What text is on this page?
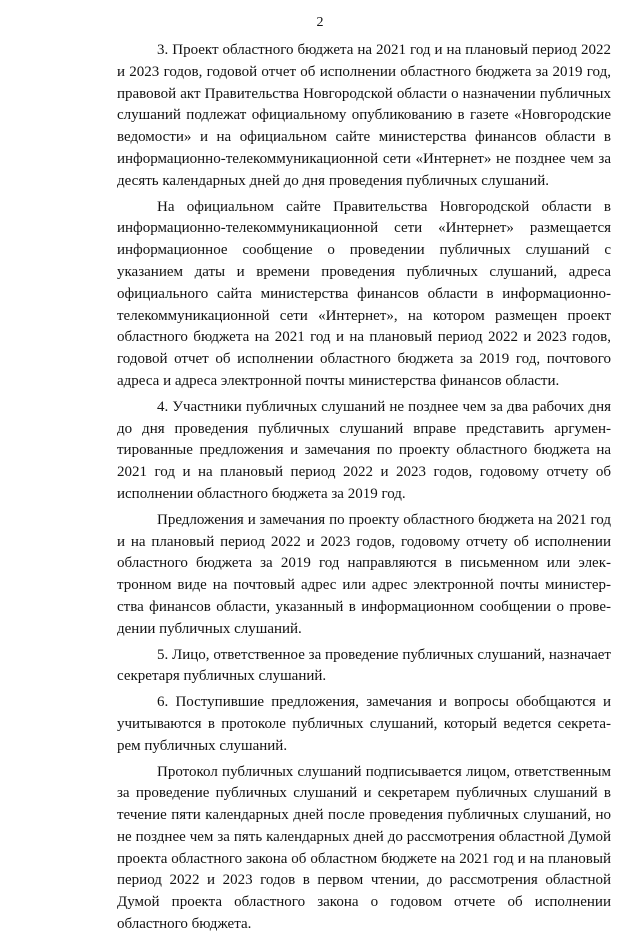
2

3. Проект областного бюджета на 2021 год и на плановый период 2022 и 2023 годов, годовой отчет об исполнении областного бюджета за 2019 год, правовой акт Правительства Новгородской области о назначении публичных слушаний подлежат официальному опубликованию в газете «Новгородские ведомости» и на официальном сайте министерства финансов области в информационно-телекоммуникационной сети «Интернет» не позднее чем за десять календарных дней до дня проведения публичных слушаний.

На официальном сайте Правительства Новгородской области в информационно-телекоммуникационной сети «Интернет» размещается информационное сообщение о проведении публичных слушаний с указанием даты и времени проведения публичных слушаний, адреса официального сайта министерства финансов области в информационно-телекоммуникационной сети «Интернет», на котором размещен проект областного бюджета на 2021 год и на плановый период 2022 и 2023 годов, годовой отчет об исполнении областного бюджета за 2019 год, почтового адреса и адреса электронной почты министерства финансов области.

4. Участники публичных слушаний не позднее чем за два рабочих дня до дня проведения публичных слушаний вправе представить аргументированные предложения и замечания по проекту областного бюджета на 2021 год и на плановый период 2022 и 2023 годов, годовому отчету об исполнении областного бюджета за 2019 год.

Предложения и замечания по проекту областного бюджета на 2021 год и на плановый период 2022 и 2023 годов, годовому отчету об исполнении областного бюджета за 2019 год направляются в письменном или электронном виде на почтовый адрес или адрес электронной почты министерства финансов области, указанный в информационном сообщении о проведении публичных слушаний.

5. Лицо, ответственное за проведение публичных слушаний, назначает секретаря публичных слушаний.

6. Поступившие предложения, замечания и вопросы обобщаются и учитываются в протоколе публичных слушаний, который ведется секретарем публичных слушаний.

Протокол публичных слушаний подписывается лицом, ответственным за проведение публичных слушаний и секретарем публичных слушаний в течение пяти календарных дней после проведения публичных слушаний, но не позднее чем за пять календарных дней до рассмотрения областной Думой проекта областного закона об областном бюджете на 2021 год и на плановый период 2022 и 2023 годов в первом чтении, до рассмотрения областной Думой проекта областного закона о годовом отчете об исполнении областного бюджета.
